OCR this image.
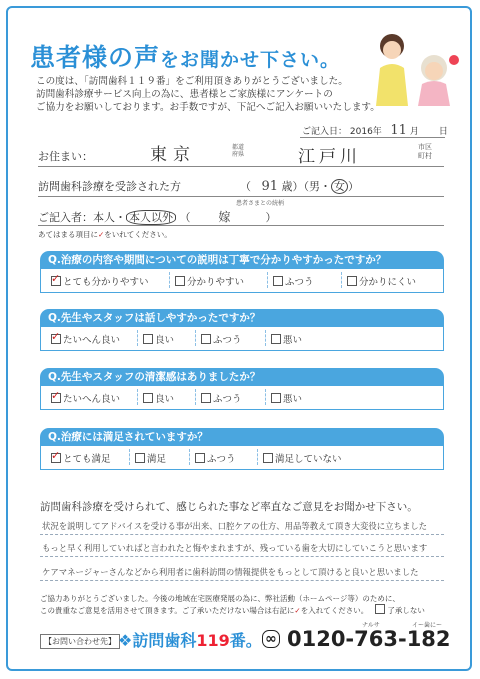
患者様の声をお聞かせ下さい。
この度は、「訪問歯科１１９番」をご利用頂きありがとうございました。
訪問歯科診療サービス向上の為に、患者様とご家族様にアンケートの
ご協力をお願いしております。お手数ですが、下記へご記入お願いいたします。
ご記入日： 2016年 11 月 日
お住まい：	東京	都道
府県	江戸川	市区
町村
訪問歯科診療を受診された方	（ 91 歳）（男・ 女 ）
ご記入者：本人・ 本人以外 （ 嫁	）
患者さまとの続柄
あてはまる項目に✓をいれてください。
Q.治療の内容や期間についての説明は丁寧で分かりやすかったですか？
✓とても分かりやすい	分かりやすい	ふつう	分かりにくい
Q.先生やスタッフは話しやすかったですか？
✓たいへん良い	良い	ふつう	悪い
Q.先生やスタッフの清潔感はありましたか？
✓たいへん良い	良い	ふつう	悪い
Q.治療には満足されていますか？
✓とても満足	満足	ふつう	満足していない
訪問歯科診療を受けられて、感じられた事など率直なご意見をお聞かせ下さい。
状況を説明してアドバイスを受ける事が出来、口腔ケアの仕方、用品等教えて頂き大変役に立ちました
もっと早く利用していればと言われたと悔やまれますが、残っている歯を大切にしていこうと思います
ケアマネージャーさんなどから利用者に歯科訪問の情報提供をもっとして頂けると良いと思いました
ご協力ありがとうございました。今後の地域在宅医療発展の為に、弊社活動（ホームページ等）のために、
この貴重なご意見を活用させて頂きます。ご了承いただけない場合は右記に✓を入れてください。	了承しない
【お問い合わせ先】 ❖訪問歯科119番。
ナルサ	イー歯にー
∞ 0120-763-182
